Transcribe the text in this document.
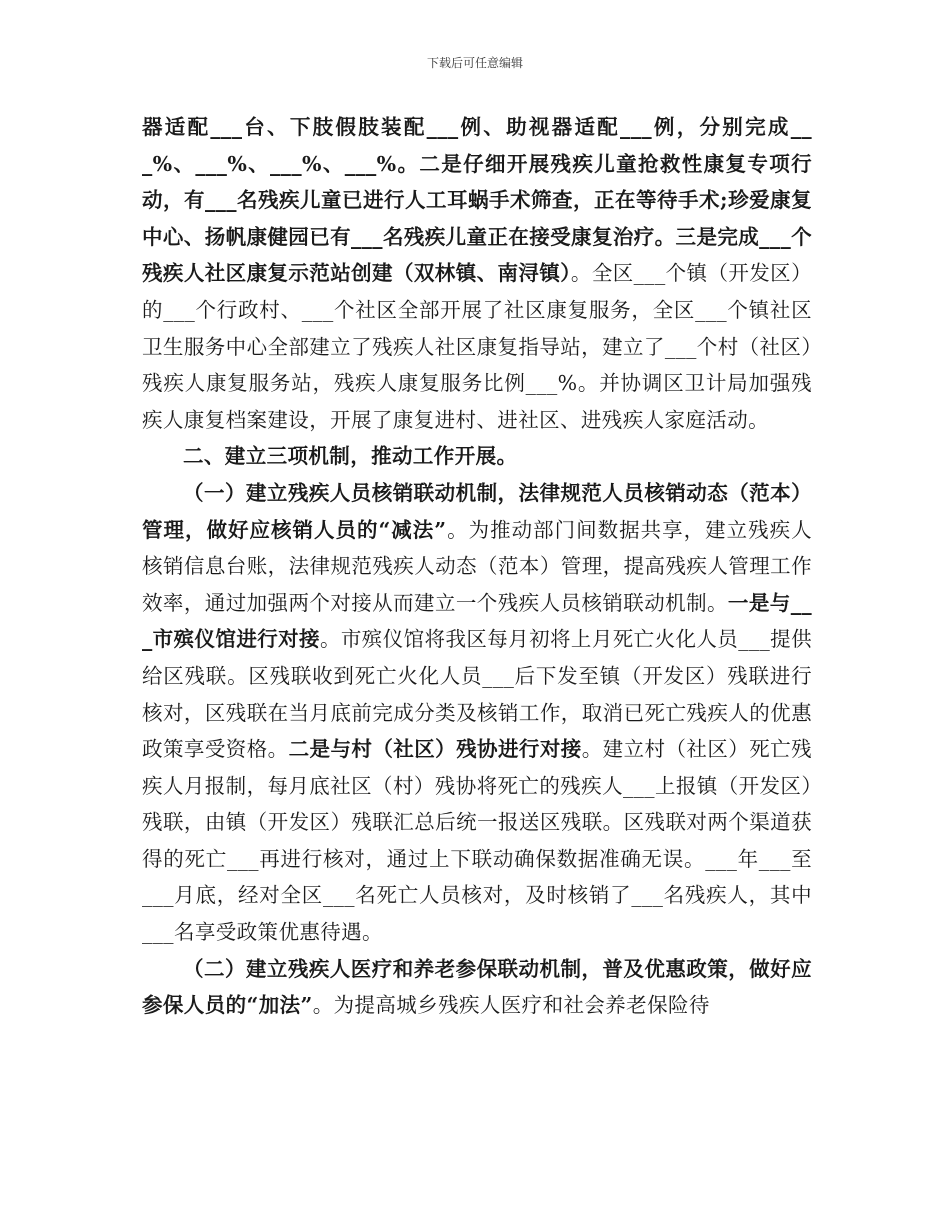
下载后可任意编辑

器适配___台、下肢假肢装配___例、助视器适配___例，分别完成___%、___%、___%、___%。二是仔细开展残疾儿童抢救性康复专项行动，有___名残疾儿童已进行人工耳蜗手术筛查，正在等待手术;珍爱康复中心、扬帆康健园已有___名残疾儿童正在接受康复治疗。三是完成___个残疾人社区康复示范站创建（双林镇、南浔镇）。全区___个镇（开发区）的___个行政村、___个社区全部开展了社区康复服务，全区___个镇社区卫生服务中心全部建立了残疾人社区康复指导站，建立了___个村（社区）残疾人康复服务站，残疾人康复服务比例___%。并协调区卫计局加强残疾人康复档案建设，开展了康复进村、进社区、进残疾人家庭活动。

二、建立三项机制，推动工作开展。

（一）建立残疾人员核销联动机制，法律规范人员核销动态（范本）管理，做好应核销人员的“减法”。为推动部门间数据共享，建立残疾人核销信息台账，法律规范残疾人动态（范本）管理，提高残疾人管理工作效率，通过加强两个对接从而建立一个残疾人员核销联动机制。一是与___市殡仪馆进行对接。市殡仪馆将我区每月初将上月死亡火化人员___提供给区残联。区残联收到死亡火化人员___后下发至镇（开发区）残联进行核对，区残联在当月底前完成分类及核销工作，取消已死亡残疾人的优惠政策享受资格。二是与村（社区）残协进行对接。建立村（社区）死亡残疾人月报制，每月底社区（村）残协将死亡的残疾人___上报镇（开发区）残联，由镇（开发区）残联汇总后统一报送区残联。区残联对两个渠道获得的死亡___再进行核对，通过上下联动确保数据准确无误。___年___至___月底，经对全区___名死亡人员核对，及时核销了___名残疾人，其中___名享受政策优惠待遇。

（二）建立残疾人医疗和养老参保联动机制，普及优惠政策，做好应参保人员的“加法”。为提高城乡残疾人医疗和社会养老保险待
